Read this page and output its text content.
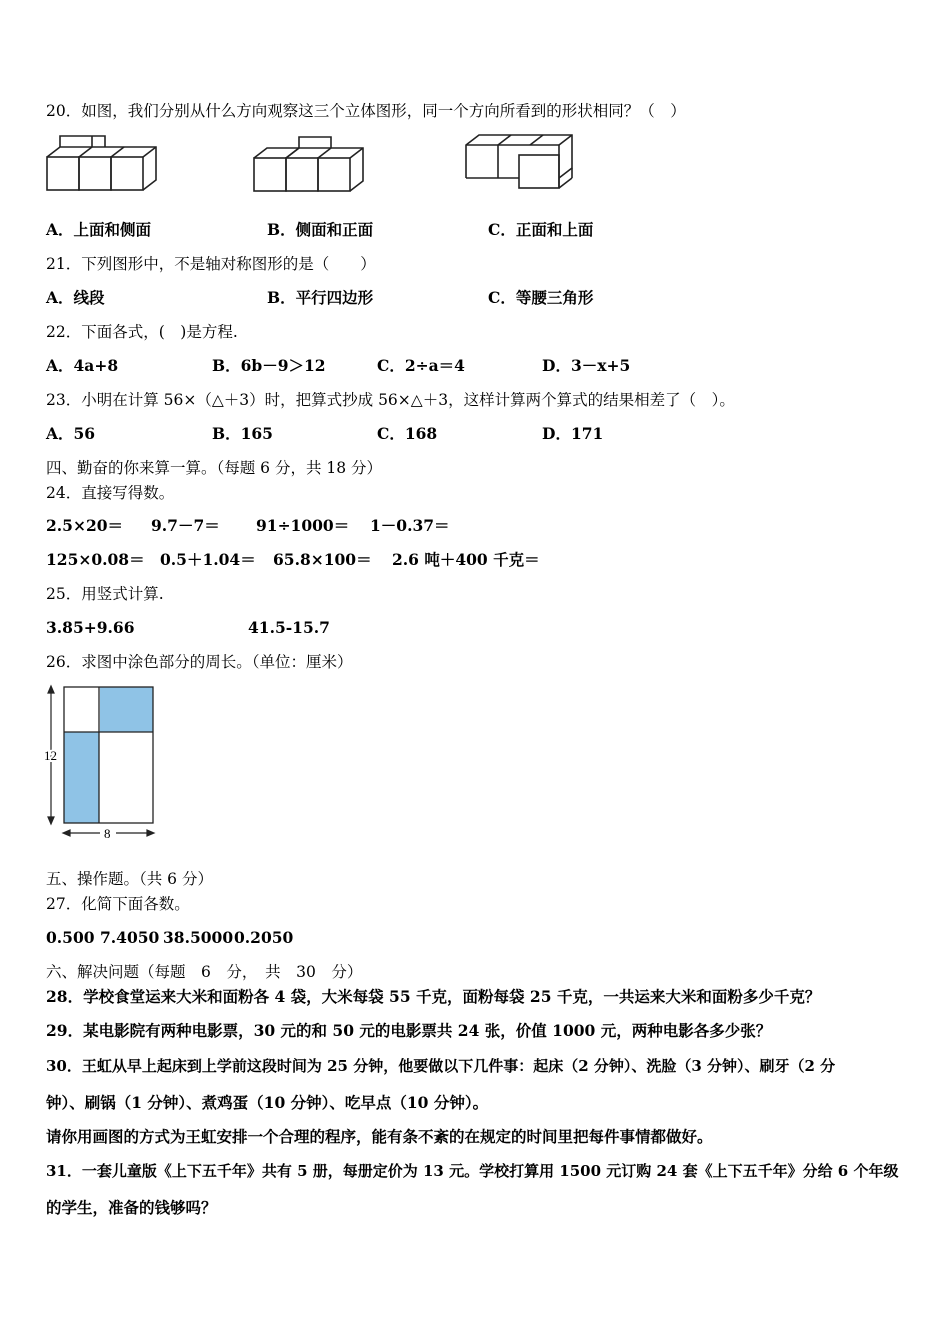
20．如图，我们分别从什么方向观察这三个立体图形，同一个方向所看到的形状相同？（　）
A．上面和侧面	B．侧面和正面	C．正面和上面
21．下列图形中，不是轴对称图形的是（　　）
A．线段	B．平行四边形	C．等腰三角形
22．下面各式，(　)是方程.
A．4a+8	B．6b－9＞12	C．2÷a＝4	D．3－x+5
23．小明在计算 56×（△＋3）时，把算式抄成 56×△＋3，这样计算两个算式的结果相差了（　）。
A．56	B．165	C．168	D．171
四、勤奋的你来算一算。（每题 6 分，共 18 分）
24．直接写得数。
2.5×20＝ 9.7－7＝ 91÷1000＝ 1－0.37＝
125×0.08＝ 0.5＋1.04＝ 65.8×100＝ 2.6 吨＋400 千克＝
25．用竖式计算.
3.85+9.66	41.5-15.7
26．求图中涂色部分的周长。（单位：厘米）
12
8
五、操作题。（共 6 分）
27．化简下面各数。
0.500 7.4050 38.5000 0.2050
六、解决问题（每题　6　分，　共　30　分）
28．学校食堂运来大米和面粉各 4 袋，大米每袋 55 千克，面粉每袋 25 千克，一共运来大米和面粉多少千克？
29．某电影院有两种电影票，30 元的和 50 元的电影票共 24 张，价值 1000 元，两种电影各多少张？
30．王虹从早上起床到上学前这段时间为 25 分钟，他要做以下几件事：起床（2 分钟）、洗脸（3 分钟）、刷牙（2 分
钟）、刷锅（1 分钟）、煮鸡蛋（10 分钟）、吃早点（10 分钟）。
请你用画图的方式为王虹安排一个合理的程序，能有条不紊的在规定的时间里把每件事情都做好。
31．一套儿童版《上下五千年》共有 5 册，每册定价为 13 元。学校打算用 1500 元订购 24 套《上下五千年》分给 6 个年级
的学生，准备的钱够吗？
